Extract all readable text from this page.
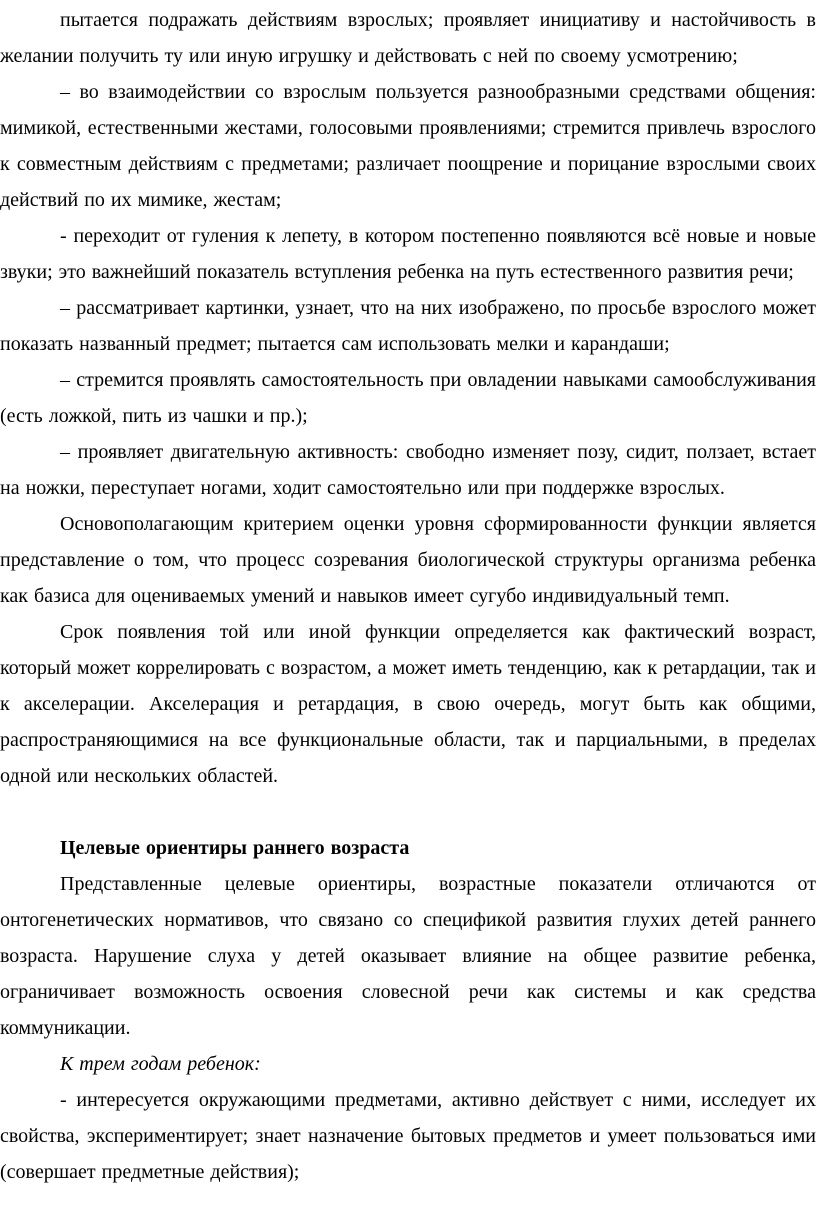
пытается подражать действиям взрослых; проявляет инициативу и настойчивость в желании получить ту или иную игрушку и действовать с ней по своему усмотрению;

– во взаимодействии со взрослым пользуется разнообразными средствами общения: мимикой, естественными жестами, голосовыми проявлениями; стремится привлечь взрослого к совместным действиям с предметами; различает поощрение и порицание взрослыми своих действий по их мимике, жестам;

- переходит от гуления к лепету, в котором постепенно появляются всё новые и новые звуки; это важнейший показатель вступления ребенка на путь естественного развития речи;

– рассматривает картинки, узнает, что на них изображено, по просьбе взрослого может показать названный предмет; пытается сам использовать мелки и карандаши;

– стремится проявлять самостоятельность при овладении навыками самообслуживания (есть ложкой, пить из чашки и пр.);

– проявляет двигательную активность: свободно изменяет позу, сидит, ползает, встает на ножки, переступает ногами, ходит самостоятельно или при поддержке взрослых.

Основополагающим критерием оценки уровня сформированности функции является представление о том, что процесс созревания биологической структуры организма ребенка как базиса для оцениваемых умений и навыков имеет сугубо индивидуальный темп.

Срок появления той или иной функции определяется как фактический возраст, который может коррелировать с возрастом, а может иметь тенденцию, как к ретардации, так и к акселерации. Акселерация и ретардация, в свою очередь, могут быть как общими, распространяющимися на все функциональные области, так и парциальными, в пределах одной или нескольких областей.

Целевые ориентиры раннего возраста

Представленные целевые ориентиры, возрастные показатели отличаются от онтогенетических нормативов, что связано со спецификой развития глухих детей раннего возраста. Нарушение слуха у детей оказывает влияние на общее развитие ребенка, ограничивает возможность освоения словесной речи как системы и как средства коммуникации.

К трем годам ребенок:

- интересуется окружающими предметами, активно действует с ними, исследует их свойства, экспериментирует; знает назначение бытовых предметов и умеет пользоваться ими (совершает предметные действия);
